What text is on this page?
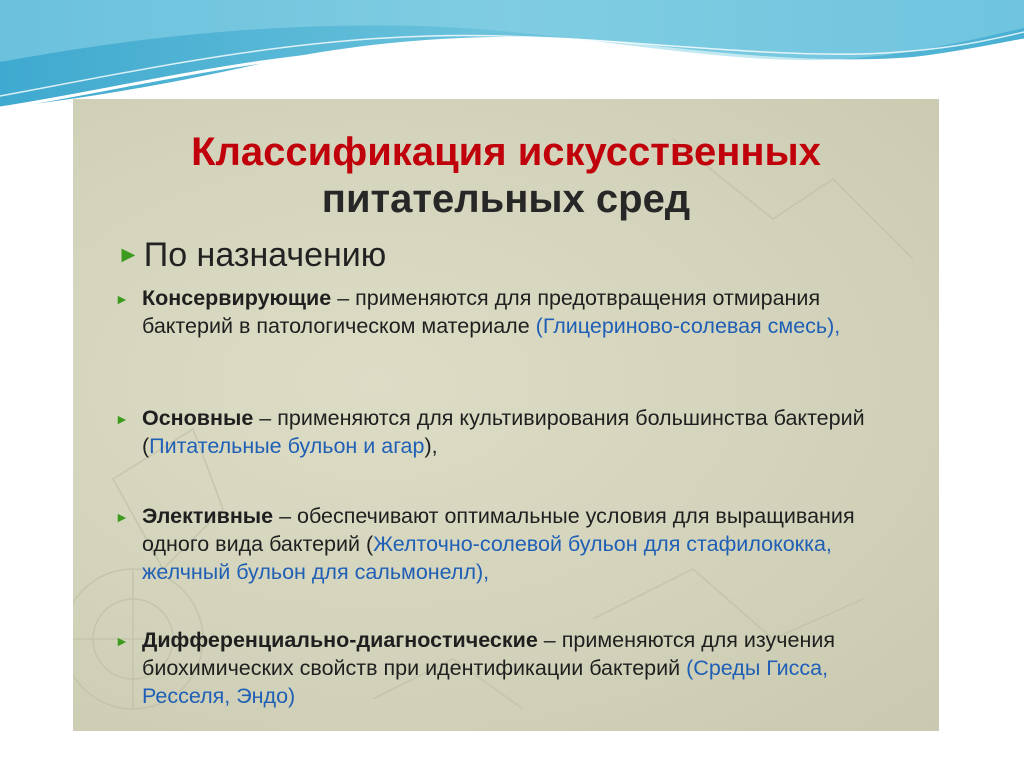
Классификация искусственных
питательных сред
► По назначению
► Консервирующие – применяются для предотвращения отмирания бактерий в патологическом материале (Глицериново-солевая смесь),
► Основные – применяются для культивирования большинства бактерий (Питательные бульон и агар),
► Элективные – обеспечивают оптимальные условия для выращивания одного вида бактерий (Желточно-солевой бульон для стафилококка, желчный бульон для сальмонелл),
► Дифференциально-диагностические – применяются для изучения биохимических свойств при идентификации бактерий (Среды Гисса, Ресселя, Эндо)
